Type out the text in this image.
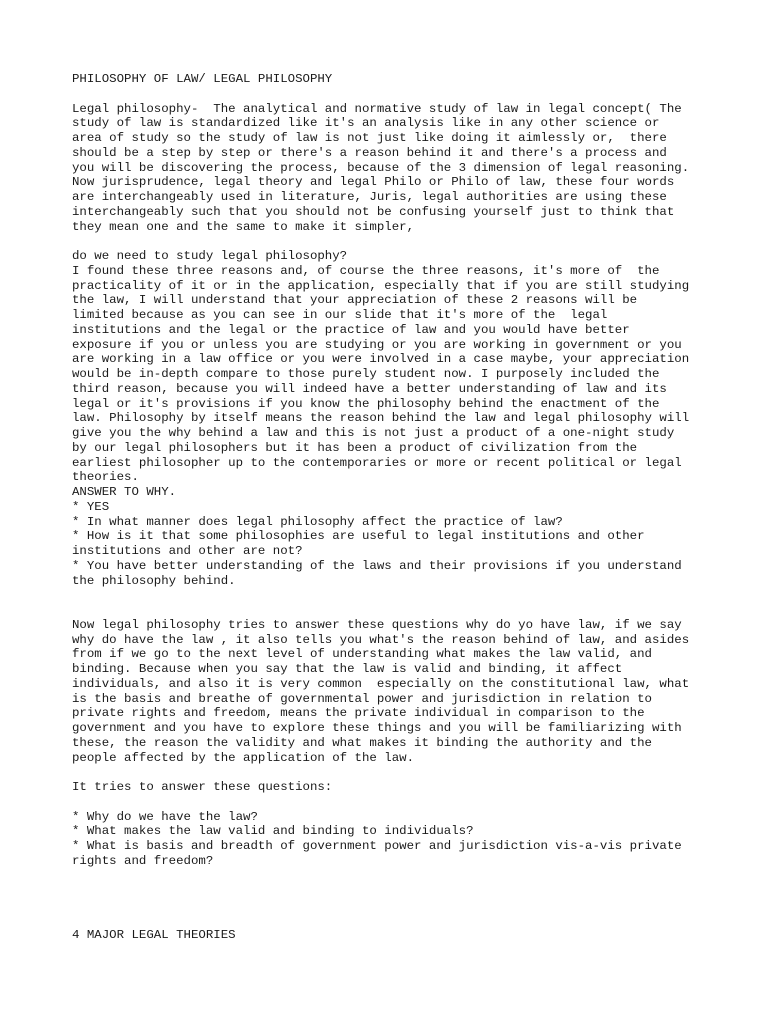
PHILOSOPHY OF LAW/ LEGAL PHILOSOPHY
Legal philosophy-  The analytical and normative study of law in legal concept( The
study of law is standardized like it's an analysis like in any other science or
area of study so the study of law is not just like doing it aimlessly or,  there
should be a step by step or there's a reason behind it and there's a process and
you will be discovering the process, because of the 3 dimension of legal reasoning.
Now jurisprudence, legal theory and legal Philo or Philo of law, these four words
are interchangeably used in literature, Juris, legal authorities are using these
interchangeably such that you should not be confusing yourself just to think that
they mean one and the same to make it simpler,
do we need to study legal philosophy?
I found these three reasons and, of course the three reasons, it's more of  the
practicality of it or in the application, especially that if you are still studying
the law, I will understand that your appreciation of these 2 reasons will be
limited because as you can see in our slide that it's more of the  legal
institutions and the legal or the practice of law and you would have better
exposure if you or unless you are studying or you are working in government or you
are working in a law office or you were involved in a case maybe, your appreciation
would be in-depth compare to those purely student now. I purposely included the
third reason, because you will indeed have a better understanding of law and its
legal or it's provisions if you know the philosophy behind the enactment of the
law. Philosophy by itself means the reason behind the law and legal philosophy will
give you the why behind a law and this is not just a product of a one-night study
by our legal philosophers but it has been a product of civilization from the
earliest philosopher up to the contemporaries or more or recent political or legal
theories.
ANSWER TO WHY.
* YES
* In what manner does legal philosophy affect the practice of law?
* How is it that some philosophies are useful to legal institutions and other
institutions and other are not?
* You have better understanding of the laws and their provisions if you understand
the philosophy behind.
Now legal philosophy tries to answer these questions why do yo have law, if we say
why do have the law , it also tells you what's the reason behind of law, and asides
from if we go to the next level of understanding what makes the law valid, and
binding. Because when you say that the law is valid and binding, it affect
individuals, and also it is very common  especially on the constitutional law, what
is the basis and breathe of governmental power and jurisdiction in relation to
private rights and freedom, means the private individual in comparison to the
government and you have to explore these things and you will be familiarizing with
these, the reason the validity and what makes it binding the authority and the
people affected by the application of the law.
It tries to answer these questions:
* Why do we have the law?
* What makes the law valid and binding to individuals?
* What is basis and breadth of government power and jurisdiction vis-a-vis private
rights and freedom?
4 MAJOR LEGAL THEORIES
